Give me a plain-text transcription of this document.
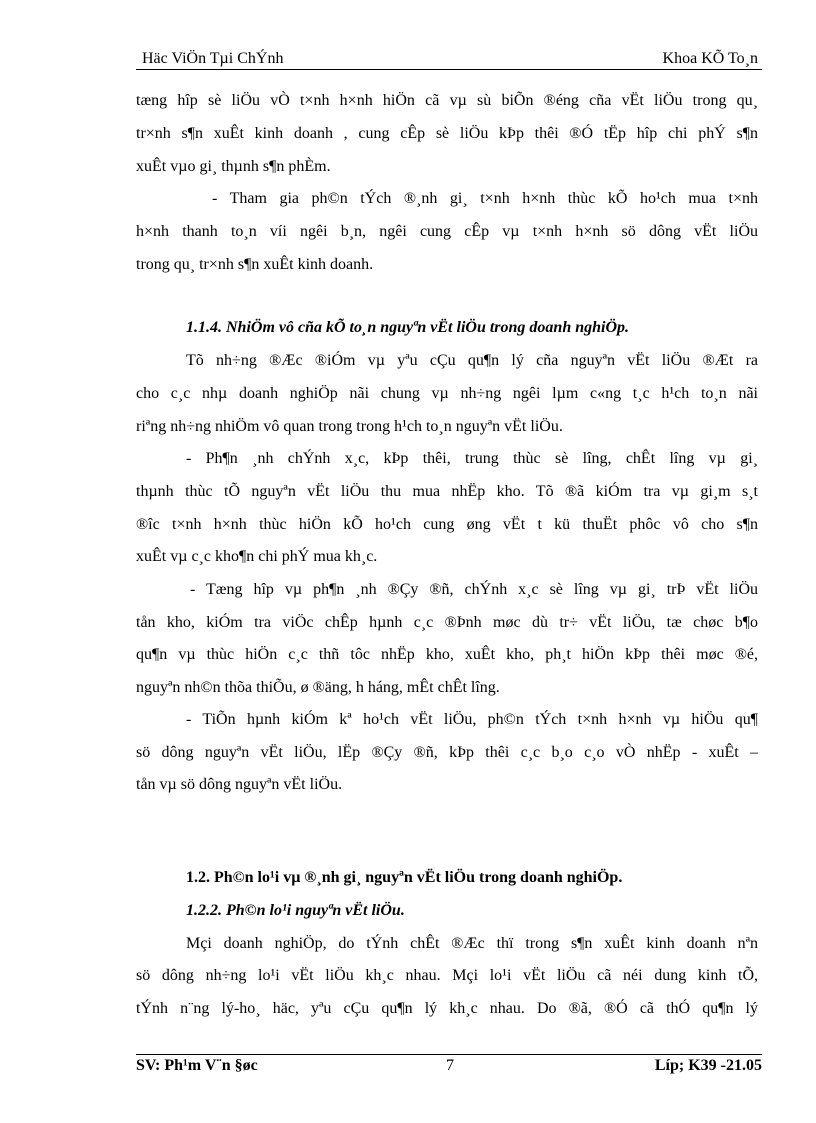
Häc ViÖn Tµi ChÝnh	Khoa KÕ To¸n
tæng hîp sè liÖu vÒ t×nh h×nh hiÖn cã vµ sù biÕn ®éng cña vËt liÖu trong qu¸
tr×nh s¶n xuÊt kinh doanh , cung cÊp sè liÖu kÞp thêi ®Ó tËp hîp chi phÝ s¶n
xuÊt vµo gi¸ thµnh s¶n phÈm.
- Tham gia ph©n tÝch ®¸nh gi¸ t×nh h×nh thùc kÕ ho¹ch mua t×nh
h×nh thanh to¸n víi ngêi b¸n, ngêi cung cÊp vµ t×nh h×nh sö dông vËt liÖu
trong qu¸ tr×nh s¶n xuÊt kinh doanh.
1.1.4. NhiÖm vô cña kÕ to¸n nguyªn vËt liÖu trong doanh nghiÖp.
Tõ nh÷ng ®Æc ®iÓm vµ yªu cÇu qu¶n lý cña nguyªn vËt liÖu ®Æt ra
cho c¸c nhµ doanh nghiÖp nãi chung vµ nh÷ng ngêi lµm c«ng t¸c h¹ch to¸n nãi
riªng nh÷ng nhiÖm vô quan trong trong h¹ch to¸n nguyªn vËt liÖu.
- Ph¶n ¸nh chÝnh x¸c, kÞp thêi, trung thùc sè lîng, chÊt lîng vµ gi¸
thµnh thùc tÕ nguyªn vËt liÖu thu mua nhËp kho. Tõ ®ã kiÓm tra vµ gi¸m s¸t
®îc t×nh h×nh thùc hiÖn kÕ ho¹ch cung øng vËt t kü thuËt phôc vô cho s¶n
xuÊt vµ c¸c kho¶n chi phÝ mua kh¸c.
- Tæng hîp vµ ph¶n ¸nh ®Çy ®ñ, chÝnh x¸c sè lîng vµ gi¸ trÞ vËt liÖu
tån kho, kiÓm tra viÖc chÊp hµnh c¸c ®Þnh møc dù tr÷ vËt liÖu, tæ chøc b¶o
qu¶n vµ thùc hiÖn c¸c thñ tôc nhËp kho, xuÊt kho, ph¸t hiÖn kÞp thêi møc ®é,
nguyªn nh©n thõa thiÕu, ø ®äng, h háng, mÊt chÊt lîng.
- TiÕn hµnh kiÓm kª ho¹ch vËt liÖu, ph©n tÝch t×nh h×nh vµ hiÖu qu¶
sö dông nguyªn vËt liÖu, lËp ®Çy ®ñ, kÞp thêi c¸c b¸o c¸o vÒ nhËp - xuÊt –
tån vµ sö dông nguyªn vËt liÖu.
1.2. Ph©n lo¹i vµ ®¸nh gi¸ nguyªn vËt liÖu trong doanh nghiÖp.
1.2.2. Ph©n lo¹i nguyªn vËt liÖu.
Mçi doanh nghiÖp, do tÝnh chÊt ®Æc thï trong s¶n xuÊt kinh doanh nªn
sö dông nh÷ng lo¹i vËt liÖu kh¸c nhau. Mçi lo¹i vËt liÖu cã néi dung kinh tÕ,
tÝnh n¨ng lý-ho¸ häc, yªu cÇu qu¶n lý kh¸c nhau. Do ®ã, ®Ó cã thÓ qu¶n lý
SV: Ph¹m V¨n §øc	7	Líp; K39 -21.05
